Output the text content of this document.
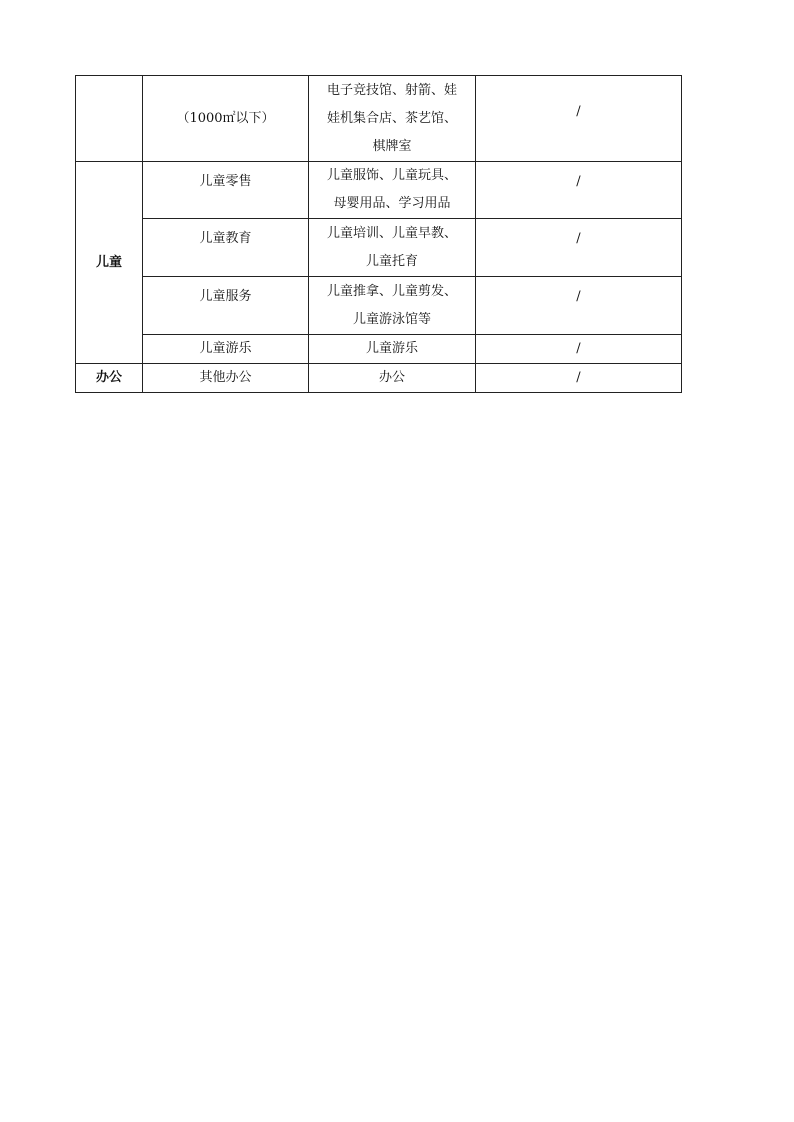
	（1000㎡以下）	电子竞技馆、射箭、娃
娃机集合店、茶艺馆、
棋牌室	/
儿童	儿童零售	儿童服饰、儿童玩具、
母婴用品、学习用品	/
	儿童教育	儿童培训、儿童早教、
儿童托育	/
	儿童服务	儿童推拿、儿童剪发、
儿童游泳馆等	/
	儿童游乐	儿童游乐	/
办公	其他办公	办公	/
